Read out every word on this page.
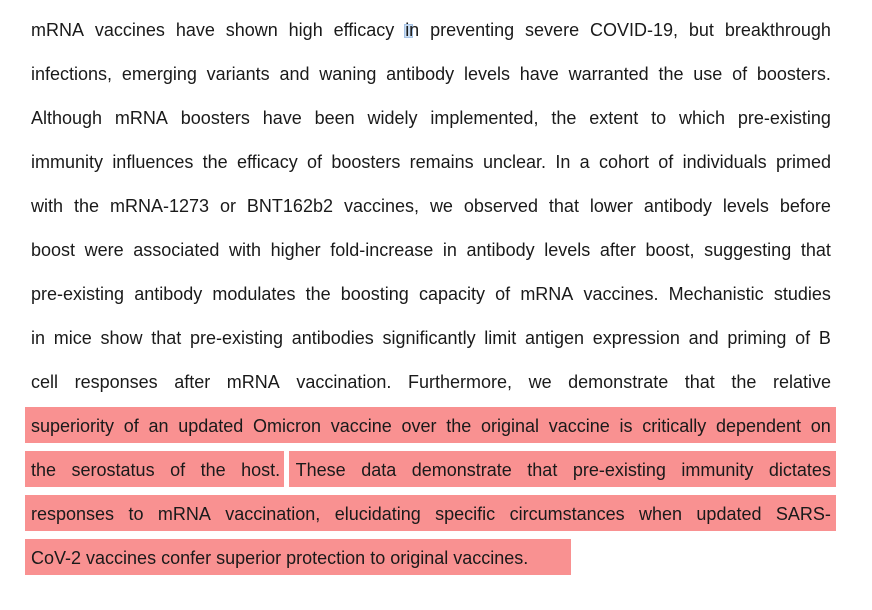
mRNA vaccines have shown high efficacy in preventing severe COVID-19, but breakthrough
infections, emerging variants and waning antibody levels have warranted the use of boosters.
Although mRNA boosters have been widely implemented, the extent to which pre-existing
immunity influences the efficacy of boosters remains unclear. In a cohort of individuals primed
with the mRNA-1273 or BNT162b2 vaccines, we observed that lower antibody levels before
boost were associated with higher fold-increase in antibody levels after boost, suggesting that
pre-existing antibody modulates the boosting capacity of mRNA vaccines. Mechanistic studies
in mice show that pre-existing antibodies significantly limit antigen expression and priming of B
cell responses after mRNA vaccination. Furthermore, we demonstrate that the relative
superiority of an updated Omicron vaccine over the original vaccine is critically dependent on
the serostatus of the host. These data demonstrate that pre-existing immunity dictates
responses to mRNA vaccination, elucidating specific circumstances when updated SARS-
CoV-2 vaccines confer superior protection to original vaccines.
